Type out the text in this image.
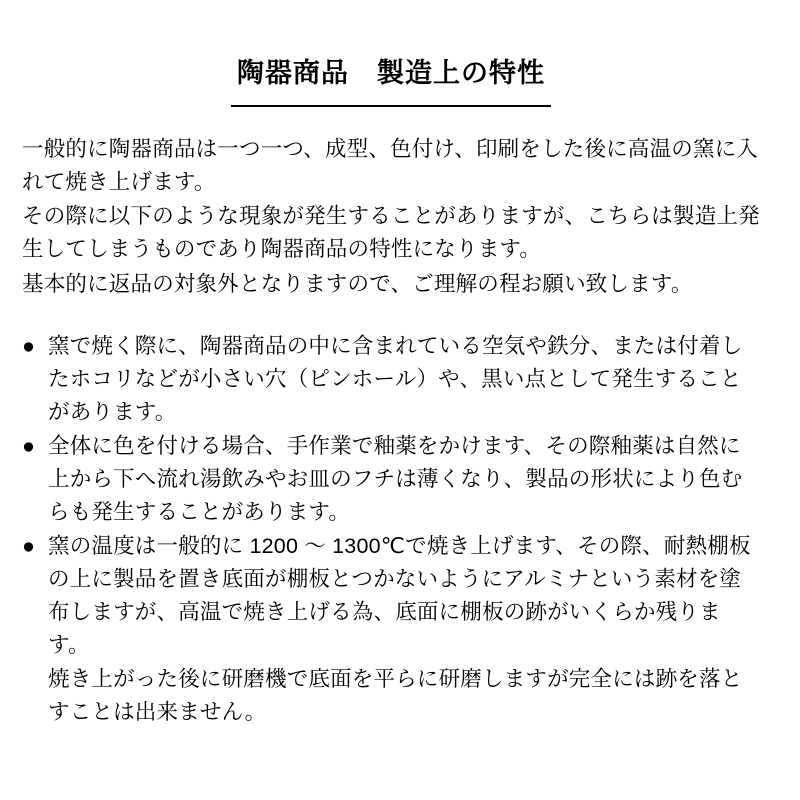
陶器商品　製造上の特性

一般的に陶器商品は一つ一つ、成型、色付け、印刷をした後に高温の窯に入れて焼き上げます。

その際に以下のような現象が発生することがありますが、こちらは製造上発生してしまうものであり陶器商品の特性になります。

基本的に返品の対象外となりますので、ご理解の程お願い致します。

● 窯で焼く際に、陶器商品の中に含まれている空気や鉄分、または付着したホコリなどが小さい穴（ピンホール）や、黒い点として発生することがあります。
● 全体に色を付ける場合、手作業で釉薬をかけます、その際釉薬は自然に上から下へ流れ湯飲みやお皿のフチは薄くなり、製品の形状により色むらも発生することがあります。
● 窯の温度は一般的に 1200 〜 1300℃で焼き上げます、その際、耐熱棚板の上に製品を置き底面が棚板とつかないようにアルミナという素材を塗布しますが、高温で焼き上げる為、底面に棚板の跡がいくらか残ります。

焼き上がった後に研磨機で底面を平らに研磨しますが完全には跡を落とすことは出来ません。
